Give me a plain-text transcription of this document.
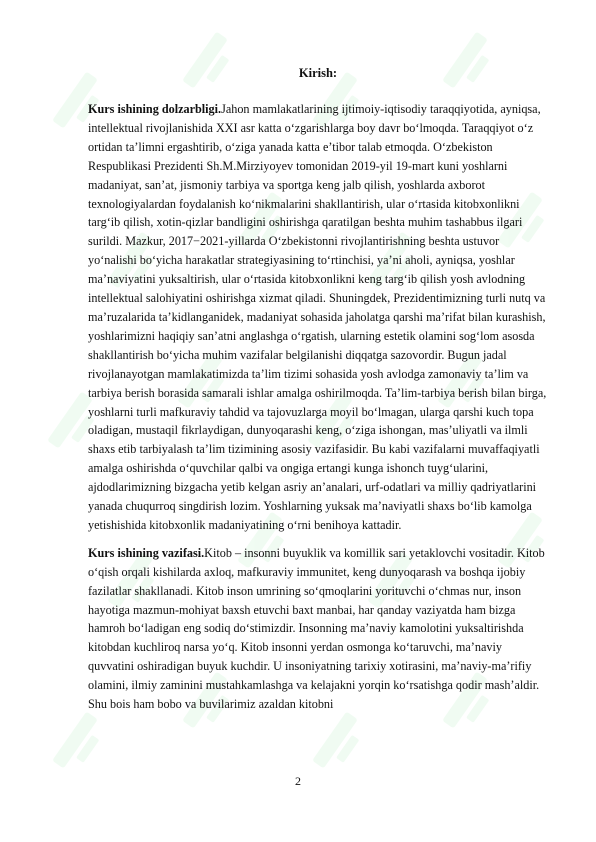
Kirish:

Kurs ishining dolzarbligi.Jahon mamlakatlarining ijtimoiy-iqtisodiy taraqqiyotida, ayniqsa, intellektual rivojlanishida XXI asr katta o‘zgarishlarga boy davr bo‘lmoqda. Taraqqiyot o‘z ortidan ta’limni ergashtirib, o‘ziga yanada katta e’tibor talab etmoqda. O‘zbekiston Respublikasi Prezidenti Sh.M.Mirziyoyev tomonidan 2019-yil 19-mart kuni yoshlarni madaniyat, san’at, jismoniy tarbiya va sportga keng jalb qilish, yoshlarda axborot texnologiyalardan foydalanish ko‘nikmalarini shakllantirish, ular o‘rtasida kitobxonlikni targ‘ib qilish, xotin-qizlar bandligini oshirishga qaratilgan beshta muhim tashabbus ilgari surildi. Mazkur, 2017−2021-yillarda O‘zbekistonni rivojlantirishning beshta ustuvor yo‘nalishi bo‘yicha harakatlar strategiyasining to‘rtinchisi, ya’ni aholi, ayniqsa, yoshlar ma’naviyatini yuksaltirish, ular o‘rtasida kitobxonlikni keng targ‘ib qilish yosh avlodning intellektual salohiyatini oshirishga xizmat qiladi. Shuningdek, Prezidentimizning turli nutq va ma’ruzalarida ta’kidlanganidek, madaniyat sohasida jaholatga qarshi ma’rifat bilan kurashish, yoshlarimizni haqiqiy san’atni anglashga o‘rgatish, ularning estetik olamini sog‘lom asosda shakllantirish bo‘yicha muhim vazifalar belgilanishi diqqatga sazovordir. Bugun jadal rivojlanayotgan mamlakatimizda ta’lim tizimi sohasida yosh avlodga zamonaviy ta’lim va tarbiya berish borasida samarali ishlar amalga oshirilmoqda. Ta’lim-tarbiya berish bilan birga, yoshlarni turli mafkuraviy tahdid va tajovuzlarga moyil bo‘lmagan, ularga qarshi kuch topa oladigan, mustaqil fikrlaydigan, dunyoqarashi keng, o‘ziga ishongan, mas’uliyatli va ilmli shaxs etib tarbiyalash ta’lim tizimining asosiy vazifasidir. Bu kabi vazifalarni muvaffaqiyatli amalga oshirishda o‘quvchilar qalbi va ongiga ertangi kunga ishonch tuyg‘ularini, ajdodlarimizning bizgacha yetib kelgan asriy an’analari, urf-odatlari va milliy qadriyatlarini yanada chuqurroq singdirish lozim. Yoshlarning yuksak ma’naviyatli shaxs bo‘lib kamolga yetishishida kitobxonlik madaniyatining o‘rni benihoya kattadir.

Kurs ishining vazifasi.Kitob – insonni buyuklik va komillik sari yetaklovchi vositadir. Kitob o‘qish orqali kishilarda axloq, mafkuraviy immunitet, keng dunyoqarash va boshqa ijobiy fazilatlar shakllanadi. Kitob inson umrining so‘qmoqlarini yorituvchi o‘chmas nur, inson hayotiga mazmun-mohiyat baxsh etuvchi baxt manbai, har qanday vaziyatda ham bizga hamroh bo‘ladigan eng sodiq do‘stimizdir. Insonning ma’naviy kamolotini yuksaltirishda kitobdan kuchliroq narsa yo‘q. Kitob insonni yerdan osmonga ko‘taruvchi, ma’naviy quvvatini oshiradigan buyuk kuchdir. U insoniyatning tarixiy xotirasini, ma’naviy-ma’rifiy olamini, ilmiy zaminini mustahkamlashga va kelajakni yorqin ko‘rsatishga qodir mash’aldir. Shu bois ham bobo va buvilarimiz azaldan kitobni

2
